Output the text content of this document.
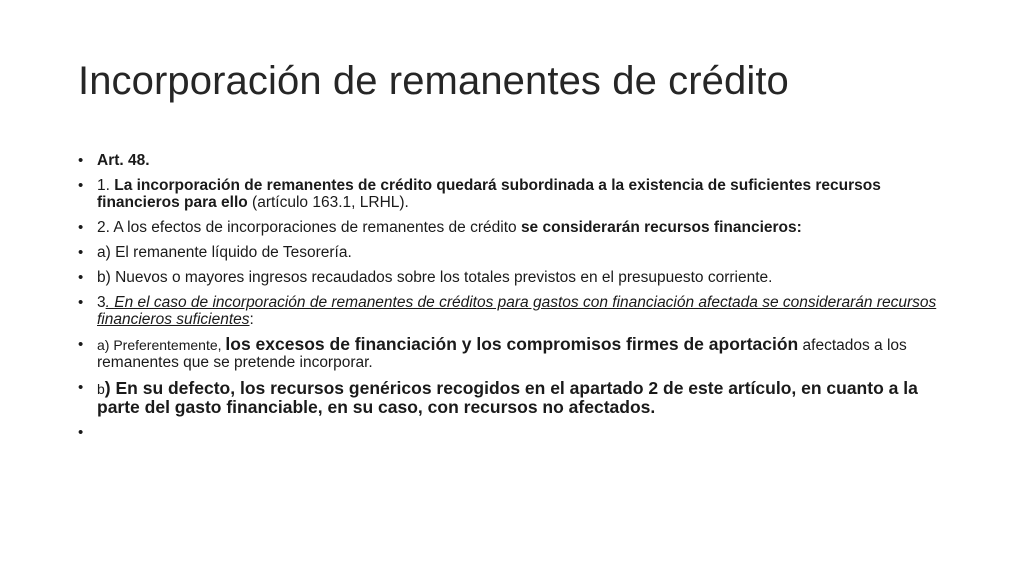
Incorporación de remanentes de crédito
• Art. 48.
• 1. La incorporación de remanentes de crédito quedará subordinada a la existencia de suficientes recursos financieros para ello (artículo 163.1, LRHL).
• 2. A los efectos de incorporaciones de remanentes de crédito se considerarán recursos financieros:
• a) El remanente líquido de Tesorería.
• b) Nuevos o mayores ingresos recaudados sobre los totales previstos en el presupuesto corriente.
• 3. En el caso de incorporación de remanentes de créditos para gastos con financiación afectada se considerarán recursos financieros suficientes:
• a) Preferentemente, los excesos de financiación y los compromisos firmes de aportación afectados a los remanentes que se pretende incorporar.
• b) En su defecto, los recursos genéricos recogidos en el apartado 2 de este artículo, en cuanto a la parte del gasto financiable, en su caso, con recursos no afectados.
•
